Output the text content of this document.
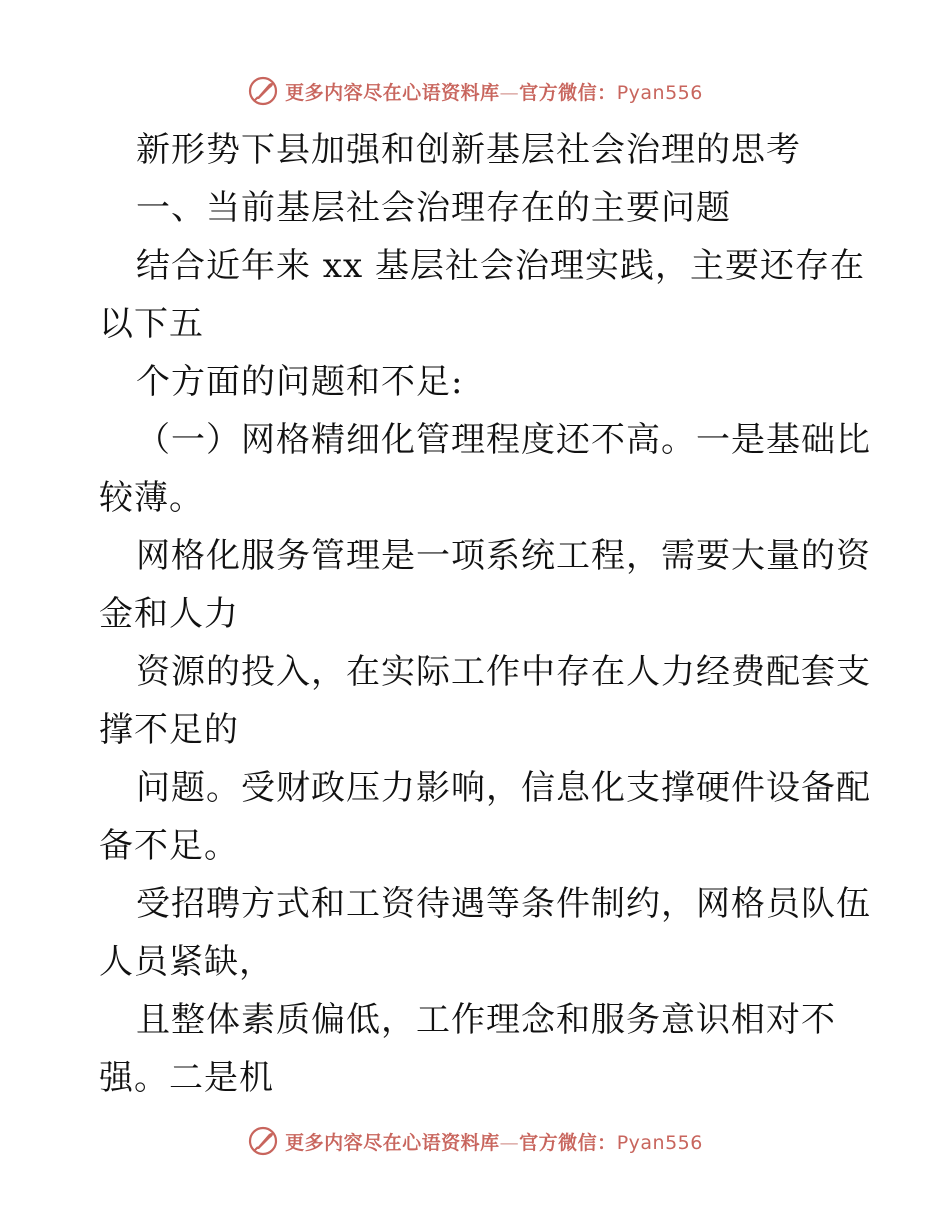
更多内容尽在心语资料库—官方微信：Pyan556
新形势下县加强和创新基层社会治理的思考
一、当前基层社会治理存在的主要问题
结合近年来 xx 基层社会治理实践，主要还存在
以下五
个方面的问题和不足:
（一）网格精细化管理程度还不高。一是基础比
较薄。
网格化服务管理是一项系统工程，需要大量的资
金和人力
资源的投入，在实际工作中存在人力经费配套支
撑不足的
问题。受财政压力影响，信息化支撑硬件设备配
备不足。
受招聘方式和工资待遇等条件制约，网格员队伍
人员紧缺，
且整体素质偏低，工作理念和服务意识相对不
强。二是机
更多内容尽在心语资料库—官方微信：Pyan556
